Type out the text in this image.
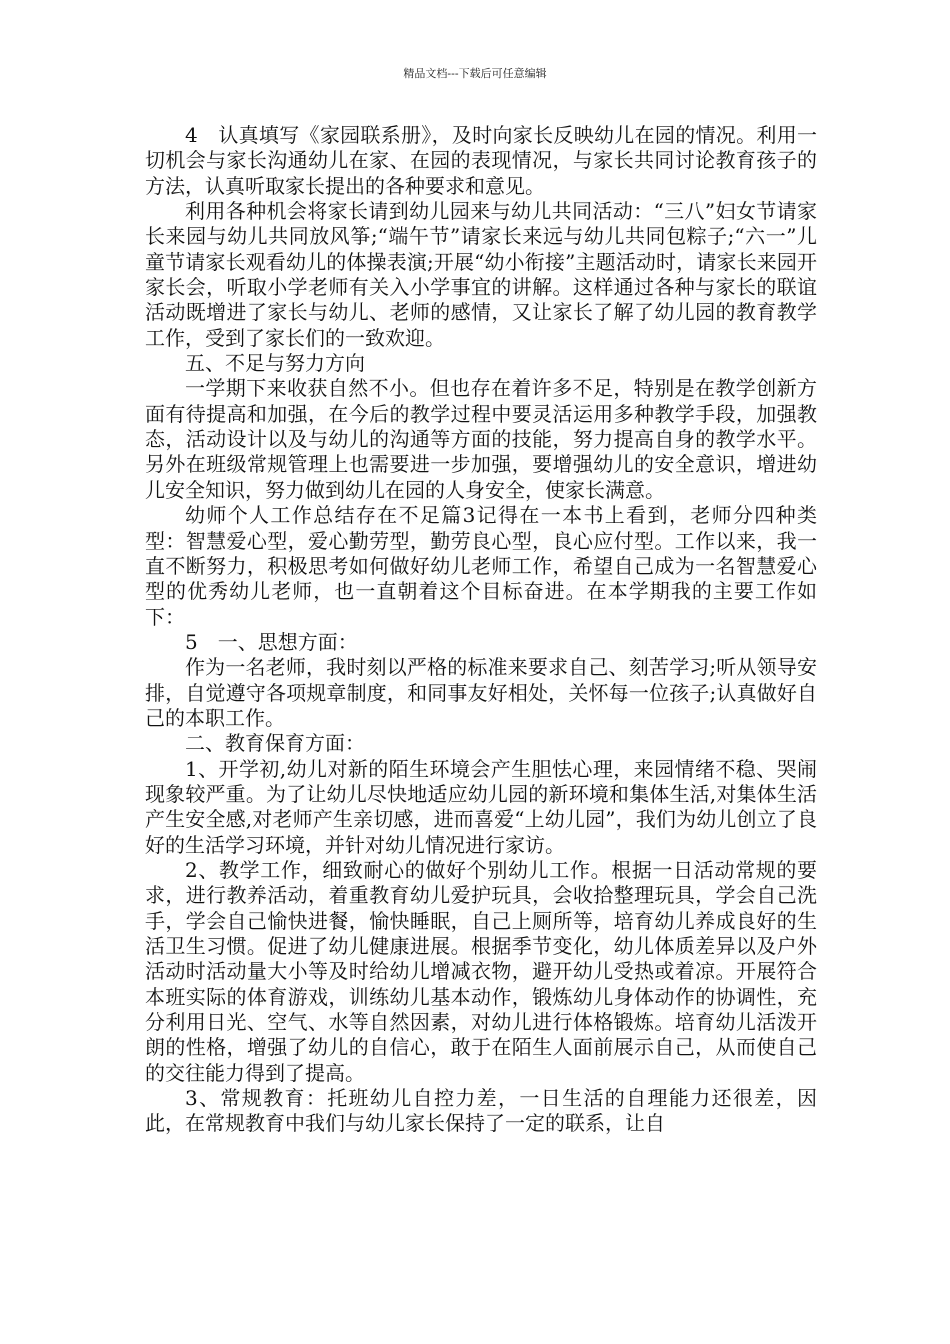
精品文档---下载后可任意编辑

4　认真填写《家园联系册》，及时向家长反映幼儿在园的情况。利用一切机会与家长沟通幼儿在家、在园的表现情况，与家长共同讨论教育孩子的方法，认真听取家长提出的各种要求和意见。

利用各种机会将家长请到幼儿园来与幼儿共同活动：“三八”妇女节请家长来园与幼儿共同放风筝;“端午节”请家长来远与幼儿共同包粽子;“六一”儿童节请家长观看幼儿的体操表演;开展“幼小衔接”主题活动时，请家长来园开家长会，听取小学老师有关入小学事宜的讲解。这样通过各种与家长的联谊活动既增进了家长与幼儿、老师的感情，又让家长了解了幼儿园的教育教学工作，受到了家长们的一致欢迎。

五、不足与努力方向

一学期下来收获自然不小。但也存在着许多不足，特别是在教学创新方面有待提高和加强，在今后的教学过程中要灵活运用多种教学手段，加强教态，活动设计以及与幼儿的沟通等方面的技能，努力提高自身的教学水平。另外在班级常规管理上也需要进一步加强，要增强幼儿的安全意识，增进幼儿安全知识，努力做到幼儿在园的人身安全，使家长满意。

幼师个人工作总结存在不足篇3记得在一本书上看到，老师分四种类型：智慧爱心型，爱心勤劳型，勤劳良心型，良心应付型。工作以来，我一直不断努力，积极思考如何做好幼儿老师工作，希望自己成为一名智慧爱心型的优秀幼儿老师，也一直朝着这个目标奋进。在本学期我的主要工作如下：

5　一、思想方面：

作为一名老师，我时刻以严格的标准来要求自己、刻苦学习;听从领导安排，自觉遵守各项规章制度，和同事友好相处，关怀每一位孩子;认真做好自己的本职工作。

二、教育保育方面：

1、开学初,幼儿对新的陌生环境会产生胆怯心理，来园情绪不稳、哭闹现象较严重。为了让幼儿尽快地适应幼儿园的新环境和集体生活,对集体生活产生安全感,对老师产生亲切感，进而喜爱“上幼儿园”，我们为幼儿创立了良好的生活学习环境，并针对幼儿情况进行家访。

2、教学工作，细致耐心的做好个别幼儿工作。根据一日活动常规的要求，进行教养活动，着重教育幼儿爱护玩具，会收拾整理玩具，学会自己洗手，学会自己愉快进餐，愉快睡眠，自己上厕所等，培育幼儿养成良好的生活卫生习惯。促进了幼儿健康进展。根据季节变化，幼儿体质差异以及户外活动时活动量大小等及时给幼儿增减衣物，避开幼儿受热或着凉。开展符合本班实际的体育游戏，训练幼儿基本动作，锻炼幼儿身体动作的协调性，充分利用日光、空气、水等自然因素，对幼儿进行体格锻炼。培育幼儿活泼开朗的性格，增强了幼儿的自信心，敢于在陌生人面前展示自己，从而使自己的交往能力得到了提高。

3、常规教育：托班幼儿自控力差，一日生活的自理能力还很差，因此，在常规教育中我们与幼儿家长保持了一定的联系，让自
